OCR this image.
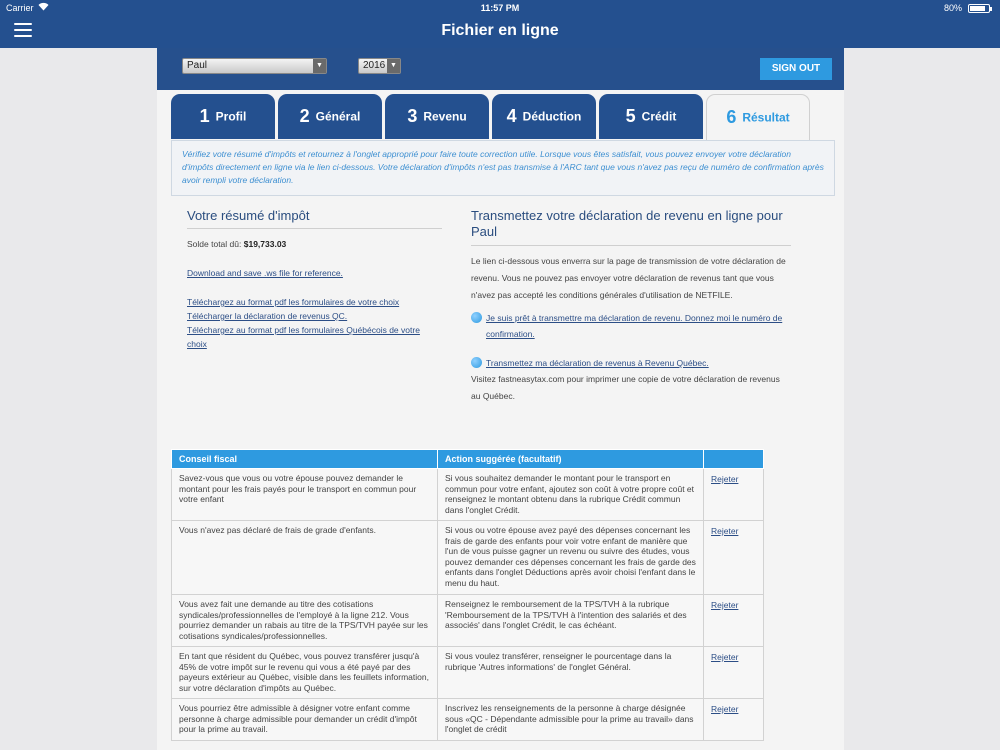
Carrier	11:57 PM	80%
Fichier en ligne
Paul	▼	2016 ▼	SIGN OUT
1 Profil	2 Général	3 Revenu	4 Déduction	5 Crédit	6 Résultat
Vérifiez votre résumé d'impôts et retournez à l'onglet approprié pour faire toute correction utile. Lorsque vous êtes satisfait, vous pouvez envoyer votre déclaration d'impôts directement en ligne via le lien ci-dessous. Votre déclaration d'impôts n'est pas transmise à l'ARC tant que vous n'avez pas reçu de numéro de confirmation après avoir rempli votre déclaration.
Votre résumé d'impôt
Solde total dû: $19,733.03
Download and save .ws file for reference.
Téléchargez au format pdf les formulaires de votre choix
Télécharger la déclaration de revenus QC.
Téléchargez au format pdf les formulaires Québécois de votre choix
Transmettez votre déclaration de revenu en ligne pour Paul
Le lien ci-dessous vous enverra sur la page de transmission de votre déclaration de revenu. Vous ne pouvez pas envoyer votre déclaration de revenus tant que vous n'avez pas accepté les conditions générales d'utilisation de NETFILE.
Je suis prêt à transmettre ma déclaration de revenu. Donnez moi le numéro de confirmation.
Transmettez ma déclaration de revenus à Revenu Québec.
Visitez fastneasytax.com pour imprimer une copie de votre déclaration de revenus au Québec.
Conseil fiscal	Action suggérée (facultatif)	
Savez-vous que vous ou votre épouse pouvez demander le montant pour les frais payés pour le transport en commun pour votre enfant	Si vous souhaitez demander le montant pour le transport en commun pour votre enfant, ajoutez son coût à votre propre coût et renseignez le montant obtenu dans la rubrique Crédit commun dans l'onglet Crédit.	Rejeter

Vous n'avez pas déclaré de frais de grade d'enfants.	Si vous ou votre épouse avez payé des dépenses concernant les frais de garde des enfants pour voir votre enfant de manière que l'un de vous puisse gagner un revenu ou suivre des études, vous pouvez demander ces dépenses concernant les frais de garde des enfants dans l'onglet Déductions après avoir choisi l'enfant dans le menu du haut.	Rejeter

Vous avez fait une demande au titre des cotisations syndicales/professionnelles de l'employé à la ligne 212. Vous pourriez demander un rabais au titre de la TPS/TVH payée sur les cotisations syndicales/professionnelles.	Renseignez le remboursement de la TPS/TVH à la rubrique 'Remboursement de la TPS/TVH à l'intention des salariés et des associés' dans l'onglet Crédit, le cas échéant.	Rejeter

En tant que résident du Québec, vous pouvez transférer jusqu'à 45% de votre impôt sur le revenu qui vous a été payé par des payeurs extérieur au Québec, visible dans les feuillets information, sur votre déclaration d'impôts au Québec.	Si vous voulez transférer, renseigner le pourcentage dans la rubrique 'Autres informations' de l'onglet Général.	Rejeter

Vous pourriez être admissible à désigner votre enfant comme personne à charge admissible pour demander un crédit d'impôt pour la prime au travail.	Inscrivez les renseignements de la personne à charge désignée sous «QC - Dépendante admissible pour la prime au travail» dans l'onglet de crédit	Rejeter
